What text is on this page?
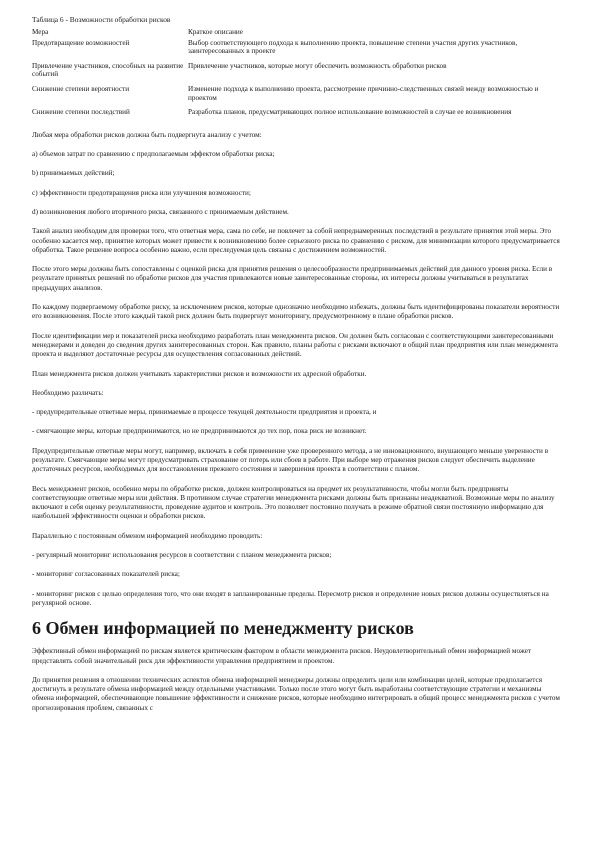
Таблица 6 - Возможности обработки рисков
Мера	Краткое описание
Предотвращение возможностей	Выбор соответствующего подхода к выполнению проекта, повышение степени участия других участников, заинтересованных в проекте
Привлечение участников, способных на развитие событий	Привлечение участников, которые могут обеспечить возможность обработки рисков
Снижение степени вероятности	Изменение подхода к выполнению проекта, рассмотрение причинно-следственных связей между возможностью и проектом
Снижение степени последствий	Разработка планов, предусматривающих полное использование возможностей в случае ее возникновения

Любая мера обработки рисков должна быть подвергнута анализу с учетом:

a) объемов затрат по сравнению с предполагаемым эффектом обработки риска;

b) принимаемых действий;

c) эффективности предотвращения риска или улучшения возможности;

d) возникновения любого вторичного риска, связанного с принимаемым действием.

Такой анализ необходим для проверки того, что ответная мера, сама по себе, не повлечет за собой непреднамеренных последствий в результате принятия этой меры. Это особенно касается мер, принятие которых может привести к возникновению более серьезного риска по сравнению с риском, для минимизации которого предусматривается обработка. Такое решение вопроса особенно важно, если преследуемая цель связана с достижением возможностей.

После этого меры должны быть сопоставлены с оценкой риска для принятия решения о целесообразности предпринимаемых действий для данного уровня риска. Если в результате принятых решений по обработке рисков для участия привлекаются новые заинтересованные стороны, их интересы должны учитываться в результатах предыдущих анализов.

По каждому подвергаемому обработке риску, за исключением рисков, которые однозначно необходимо избежать, должны быть идентифицированы показатели вероятности его возникновения. После этого каждый такой риск должен быть подвергнут мониторингу, предусмотренному в плане обработки рисков.

После идентификации мер и показателей риска необходимо разработать план менеджмента рисков. Он должен быть согласован с соответствующими заинтересованными менеджерами и доведен до сведения других заинтересованных сторон. Как правило, планы работы с рисками включают в общий план предприятия или план менеджмента проекта и выделяют достаточные ресурсы для осуществления согласованных действий.

План менеджмента рисков должен учитывать характеристики рисков и возможности их адресной обработки.

Необходимо различать:

- предупредительные ответные меры, принимаемые в процессе текущей деятельности предприятия и проекта, и

- смягчающие меры, которые предпринимаются, но не предпринимаются до тех пор, пока риск не возникнет.

Предупредительные ответные меры могут, например, включать в себя применение уже проверенного метода, а не инновационного, внушающего меньше уверенности в результате. Смягчающие меры могут предусматривать страхование от потерь или сбоев в работе. При выборе мер отражения рисков следует обеспечить выделение достаточных ресурсов, необходимых для восстановления прежнего состояния и завершения проекта в соответствии с планом.

Весь менеджмент рисков, особенно меры по обработке рисков, должен контролироваться на предмет их результативности, чтобы могли быть предприняты соответствующие ответные меры или действия. В противном случае стратегии менеджмента рисками должны быть признаны неадекватной. Возможные меры по анализу включают в себя оценку результативности, проведение аудитов и контроль. Это позволяет постоянно получать в режиме обратной связи постоянную информацию для наибольшей эффективности оценки и обработки рисков.

Параллельно с постоянным обменом информацией необходимо проводить:

- регулярный мониторинг использования ресурсов в соответствии с планом менеджмента рисков;

- мониторинг согласованных показателей риска;

- мониторинг рисков с целью определения того, что они входят в запланированные пределы. Пересмотр рисков и определение новых рисков должны осуществляться на регулярной основе.

6 Обмен информацией по менеджменту рисков

Эффективный обмен информацией по рискам является критическим фактором в области менеджмента рисков. Неудовлетворительный обмен информацией может представлять собой значительный риск для эффективности управления предприятием и проектом.

До принятия решения в отношении технических аспектов обмена информацией менеджеры должны определить цели или комбинации целей, которые предполагается достигнуть в результате обмена информацией между отдельными участниками. Только после этого могут быть выработаны соответствующие стратегии и механизмы обмена информацией, обеспечивающие повышение эффективности и снижение рисков, которые необходимо интегрировать в общий процесс менеджмента рисков с учетом прогнозирования проблем, связанных с
